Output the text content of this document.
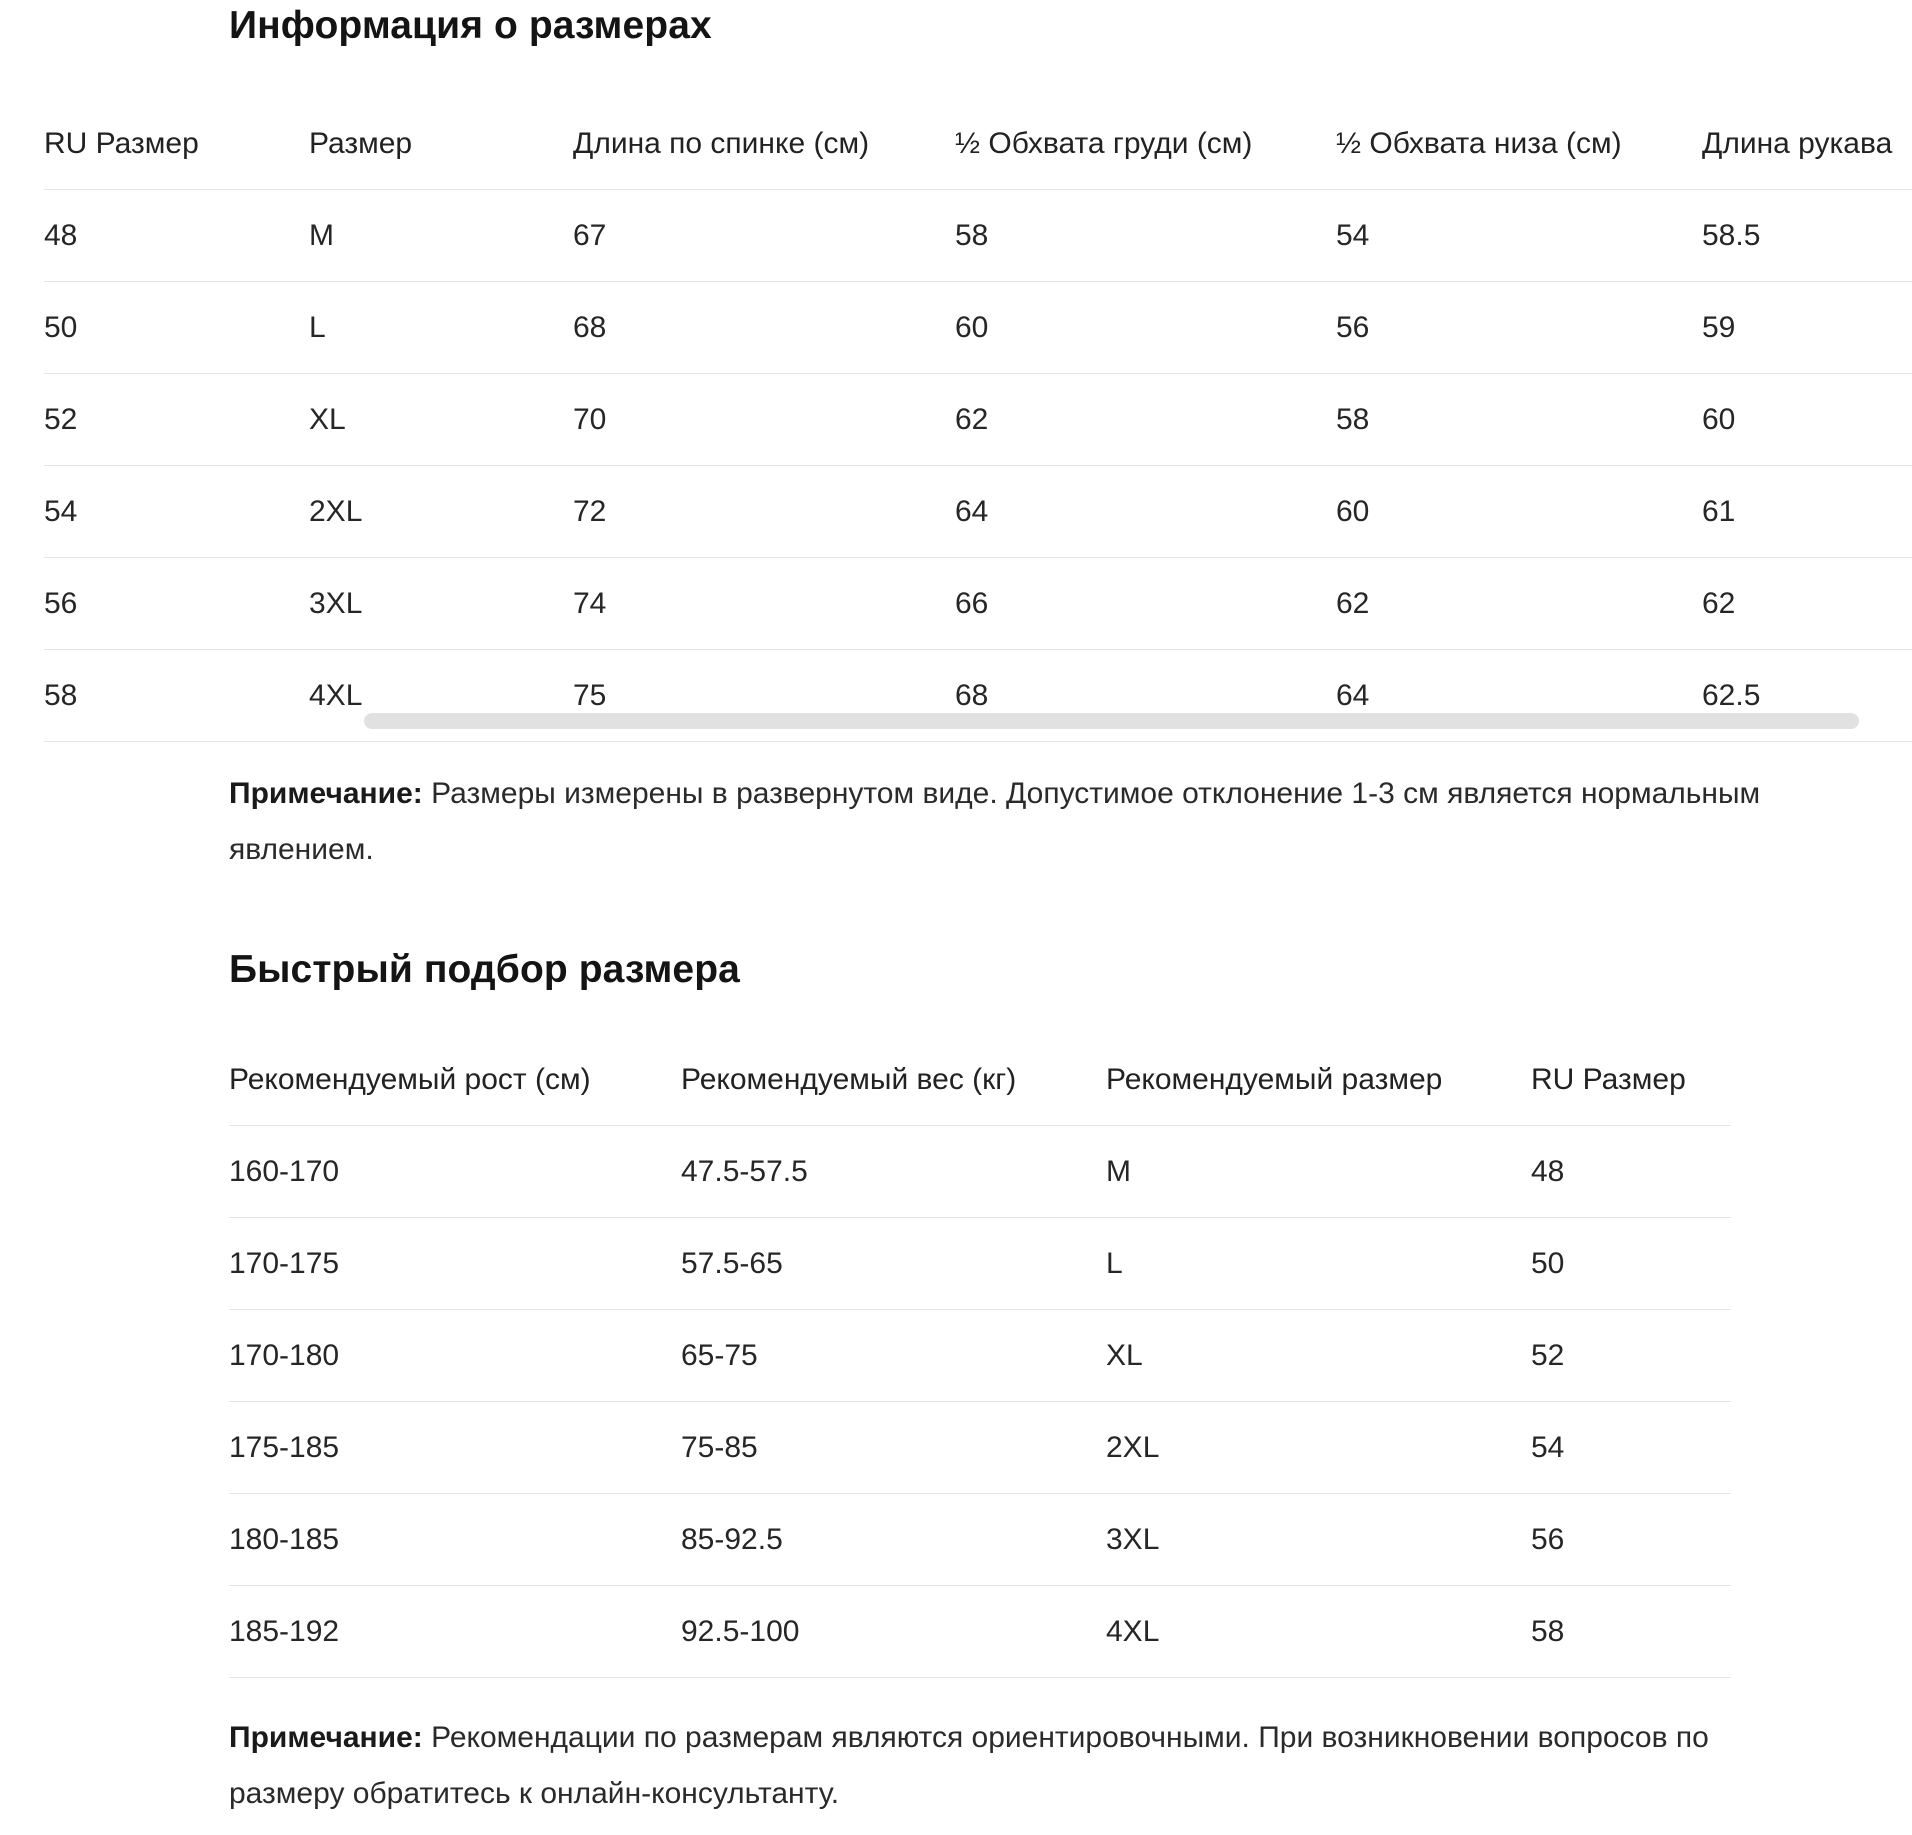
Информация о размерах
RU Размер	Размер	Длина по спинке (см)	½ Обхвата груди (см)	½ Обхвата низа (см)	Длина рукава
48	M	67	58	54	58.5
50	L	68	60	56	59
52	XL	70	62	58	60
54	2XL	72	64	60	61
56	3XL	74	66	62	62
58	4XL	75	68	64	62.5

Примечание: Размеры измерены в развернутом виде. Допустимое отклонение 1-3 см является нормальным явлением.

Быстрый подбор размера
Рекомендуемый рост (см)	Рекомендуемый вес (кг)	Рекомендуемый размер	RU Размер
160-170	47.5-57.5	M	48
170-175	57.5-65	L	50
170-180	65-75	XL	52
175-185	75-85	2XL	54
180-185	85-92.5	3XL	56
185-192	92.5-100	4XL	58

Примечание: Рекомендации по размерам являются ориентировочными. При возникновении вопросов по размеру обратитесь к онлайн-консультанту.
